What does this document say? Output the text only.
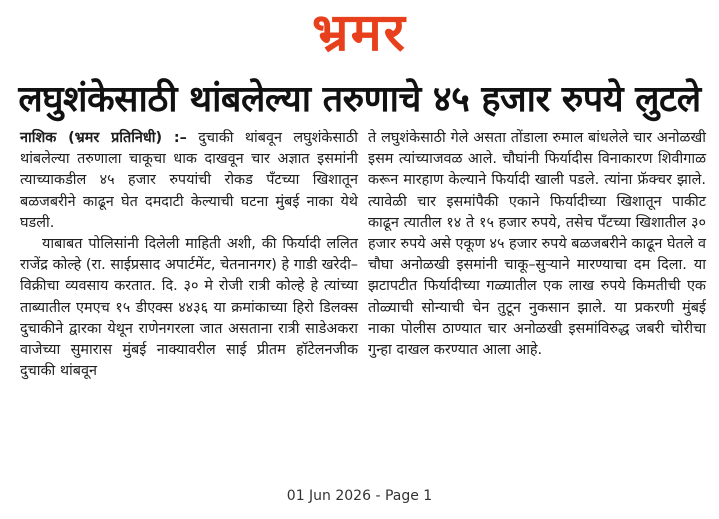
भ्रमर
लघुशंकेसाठी थांबलेल्या तरुणाचे ४५ हजार रुपये लुटले

नाशिक (भ्रमर प्रतिनिधी) :– दुचाकी थांबवून लघुशंकेसाठी थांबलेल्या तरुणाला चाकूचा धाक दाखवून चार अज्ञात इसमांनी त्याच्याकडील ४५ हजार रुपयांची रोकड पँटच्या खिशातून बळजबरीने काढून घेत दमदाटी केल्याची घटना मुंबई नाका येथे घडली.

याबाबत पोलिसांनी दिलेली माहिती अशी, की फिर्यादी ललित राजेंद्र कोल्हे (रा. साईप्रसाद अपार्टमेंट, चेतनानगर) हे गाडी खरेदी–विक्रीचा व्यवसाय करतात. दि. ३० मे रोजी रात्री कोल्हे हे त्यांच्या ताब्यातील एमएच १५ डीएक्स ४४३६ या क्रमांकाच्या हिरो डिलक्स दुचाकीने द्वारका येथून राणेनगरला जात असताना रात्री साडेअकरा वाजेच्या सुमारास मुंबई नाक्यावरील साई प्रीतम हॉटेलनजीक दुचाकी थांबवून

ते लघुशंकेसाठी गेले असता तोंडाला रुमाल बांधलेले चार अनोळखी इसम त्यांच्याजवळ आले. चौघांनी फिर्यादीस विनाकारण शिवीगाळ करून मारहाण केल्याने फिर्यादी खाली पडले. त्यांना फ्रॅक्चर झाले. त्यावेळी चार इसमांपैकी एकाने फिर्यादीच्या खिशातून पाकीट काढून त्यातील १४ ते १५ हजार रुपये, तसेच पँटच्या खिशातील ३० हजार रुपये असे एकूण ४५ हजार रुपये बळजबरीने काढून घेतले व चौघा अनोळखी इसमांनी चाकू–सुऱ्याने मारण्याचा दम दिला. या झटापटीत फिर्यादीच्या गळ्यातील एक लाख रुपये किमतीची एक तोळ्याची सोन्याची चेन तुटून नुकसान झाले. या प्रकरणी मुंबई नाका पोलीस ठाण्यात चार अनोळखी इसमांविरुद्ध जबरी चोरीचा गुन्हा दाखल करण्यात आला आहे.

01 Jun 2026 - Page 1
